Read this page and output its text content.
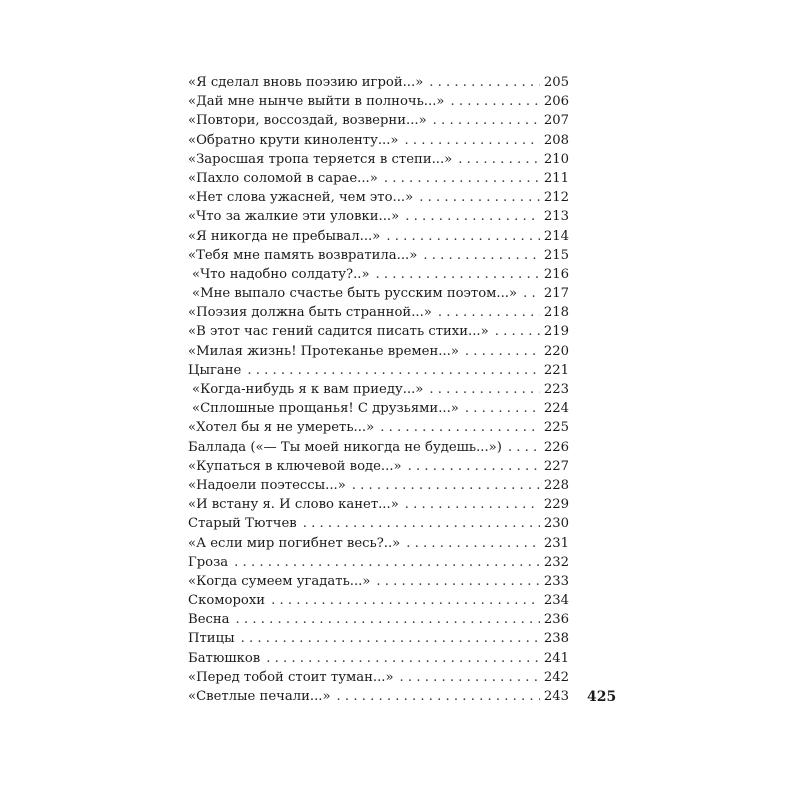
«Я сделал вновь поэзию игрой...» . . .	205
«Дай мне нынче выйти в полночь...» . . .	206
«Повтори, воссоздай, возверни...» . . .	207
«Обратно крути киноленту...» . . .	208
«Заросшая тропа теряется в степи...» . . .	210
«Пахло соломой в сарае...» . . .	211
«Нет слова ужасней, чем это...» . . .	212
«Что за жалкие эти уловки...» . . .	213
«Я никогда не пребывал...» . . .	214
«Тебя мне память возвратила...» . . .	215
«Что надобно солдату?..» . . .	216
«Мне выпало счастье быть русским поэтом...» . . . 217
«Поэзия должна быть странной...» . . .	218
«В этот час гений садится писать стихи...» . . .	219
«Милая жизнь! Протеканье времен...» . . .	220
Цыгане . . .	221
«Когда-нибудь я к вам приеду...» . . .	223
«Сплошные прощанья! С друзьями...» . . .	224
«Хотел бы я не умереть...» . . .	225
Баллада («— Ты моей никогда не будешь...») . . .	226
«Купаться в ключевой воде...» . . .	227
«Надоели поэтессы...» . . .	228
«И встану я. И слово канет...» . . .	229
Старый Тютчев . . .	230
«А если мир погибнет весь?..» . . .	231
Гроза . . .	232
«Когда сумеем угадать...» . . .	233
Скоморохи . . .	234
Весна . . .	236
Птицы . . .	238
Батюшков . . .	241
«Перед тобой стоит туман...» . . .	242
«Светлые печали...» . . .	243 425
